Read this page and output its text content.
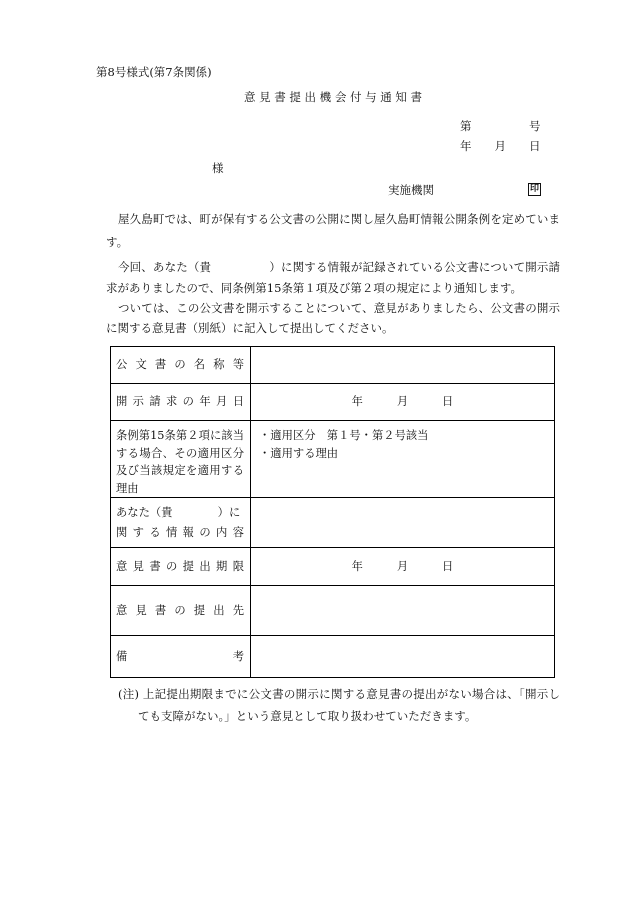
第8号様式(第7条関係)
意見書提出機会付与通知書
第　　　　　号
年　　月　　日
様
実施機関	印
屋久島町では、町が保有する公文書の公開に関し屋久島町情報公開条例を定めていま
す。
今回、あなた（貴　　　　　）に関する情報が記録されている公文書について開示請
求がありましたので、同条例第15条第１項及び第２項の規定により通知します。
ついては、この公文書を開示することについて、意見がありましたら、公文書の開示
に関する意見書（別紙）に記入して提出してください。
公文書の名称等	

開示請求の年月日	年　　　月　　　日

条例第15条第２項に該当
する場合、その適用区分
及び当該規定を適用する
理由	・適用区分　第１号・第２号該当
・適用する理由

あなた（貴　　　　）に
関する情報の内容	

意見書の提出期限	年　　　月　　　日

意見書の提出先	

備考	

(注) 上記提出期限までに公文書の開示に関する意見書の提出がない場合は、「開示し
ても支障がない。」という意見として取り扱わせていただきます。
